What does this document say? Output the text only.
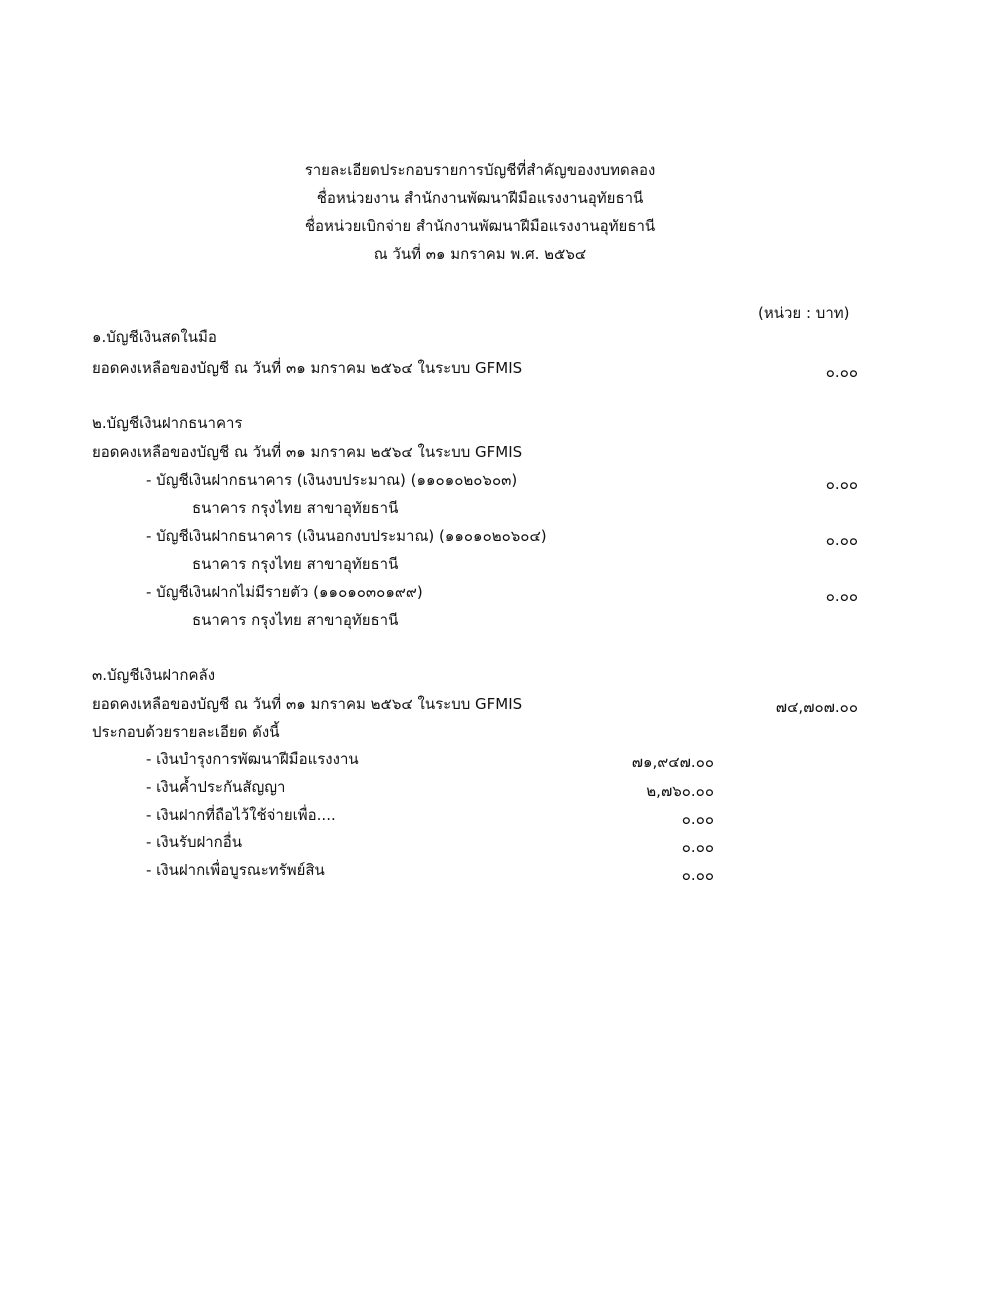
รายละเอียดประกอบรายการบัญชีที่สำคัญของงบทดลอง
ชื่อหน่วยงาน สำนักงานพัฒนาฝีมือแรงงานอุทัยธานี
ชื่อหน่วยเบิกจ่าย สำนักงานพัฒนาฝีมือแรงงานอุทัยธานี
ณ วันที่ ๓๑ มกราคม พ.ศ. ๒๕๖๔
(หน่วย : บาท)
๑.บัญชีเงินสดในมือ
ยอดคงเหลือของบัญชี ณ วันที่ ๓๑ มกราคม ๒๕๖๔ ในระบบ GFMIS	๐.๐๐
๒.บัญชีเงินฝากธนาคาร
ยอดคงเหลือของบัญชี ณ วันที่ ๓๑ มกราคม ๒๕๖๔ ในระบบ GFMIS
- บัญชีเงินฝากธนาคาร (เงินงบประมาณ) (๑๑๐๑๐๒๐๖๐๓)	๐.๐๐
ธนาคาร กรุงไทย สาขาอุทัยธานี
- บัญชีเงินฝากธนาคาร (เงินนอกงบประมาณ) (๑๑๐๑๐๒๐๖๐๔)	๐.๐๐
ธนาคาร กรุงไทย สาขาอุทัยธานี
- บัญชีเงินฝากไม่มีรายตัว (๑๑๐๑๐๓๐๑๙๙)	๐.๐๐
ธนาคาร กรุงไทย สาขาอุทัยธานี
๓.บัญชีเงินฝากคลัง
ยอดคงเหลือของบัญชี ณ วันที่ ๓๑ มกราคม ๒๕๖๔ ในระบบ GFMIS	๗๔,๗๐๗.๐๐
ประกอบด้วยรายละเอียด ดังนี้
- เงินบำรุงการพัฒนาฝีมือแรงงาน	๗๑,๙๔๗.๐๐
- เงินค้ำประกันสัญญา	๒,๗๖๐.๐๐
- เงินฝากที่ถือไว้ใช้จ่ายเพื่อ....	๐.๐๐
- เงินรับฝากอื่น	๐.๐๐
- เงินฝากเพื่อบูรณะทรัพย์สิน	๐.๐๐
